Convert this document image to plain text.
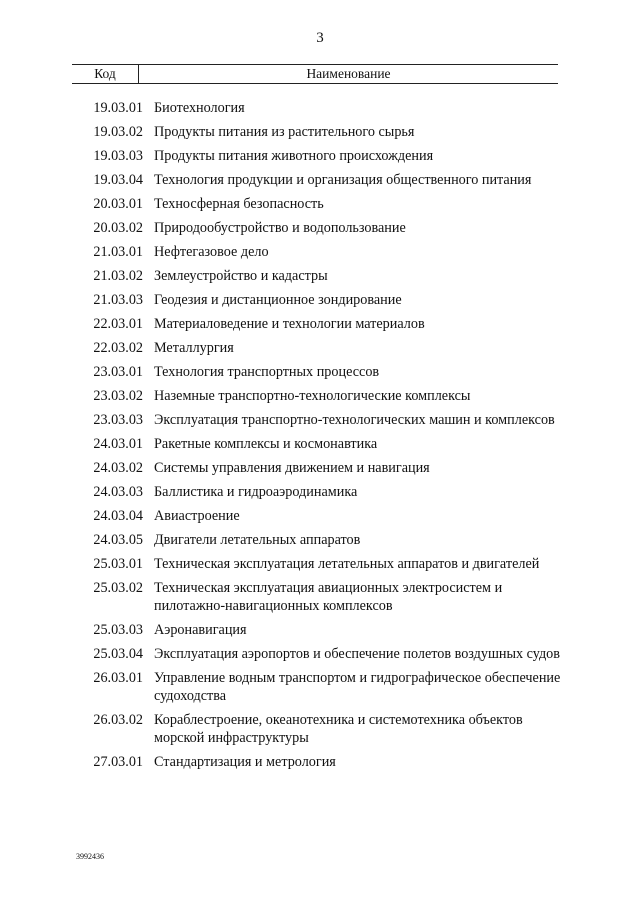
3
Код	Наименование
19.03.01 Биотехнология
19.03.02 Продукты питания из растительного сырья
19.03.03 Продукты питания животного происхождения
19.03.04 Технология продукции и организация общественного питания
20.03.01 Техносферная безопасность
20.03.02 Природообустройство и водопользование
21.03.01 Нефтегазовое дело
21.03.02 Землеустройство и кадастры
21.03.03 Геодезия и дистанционное зондирование
22.03.01 Материаловедение и технологии материалов
22.03.02 Металлургия
23.03.01 Технология транспортных процессов
23.03.02 Наземные транспортно-технологические комплексы
23.03.03 Эксплуатация транспортно-технологических машин и комплексов
24.03.01 Ракетные комплексы и космонавтика
24.03.02 Системы управления движением и навигация
24.03.03 Баллистика и гидроаэродинамика
24.03.04 Авиастроение
24.03.05 Двигатели летательных аппаратов
25.03.01 Техническая эксплуатация летательных аппаратов и двигателей
25.03.02 Техническая эксплуатация авиационных электросистем и пилотажно-навигационных комплексов
25.03.03 Аэронавигация
25.03.04 Эксплуатация аэропортов и обеспечение полетов воздушных судов
26.03.01 Управление водным транспортом и гидрографическое обеспечение судоходства
26.03.02 Кораблестроение, океанотехника и системотехника объектов морской инфраструктуры
27.03.01 Стандартизация и метрология
3992436
